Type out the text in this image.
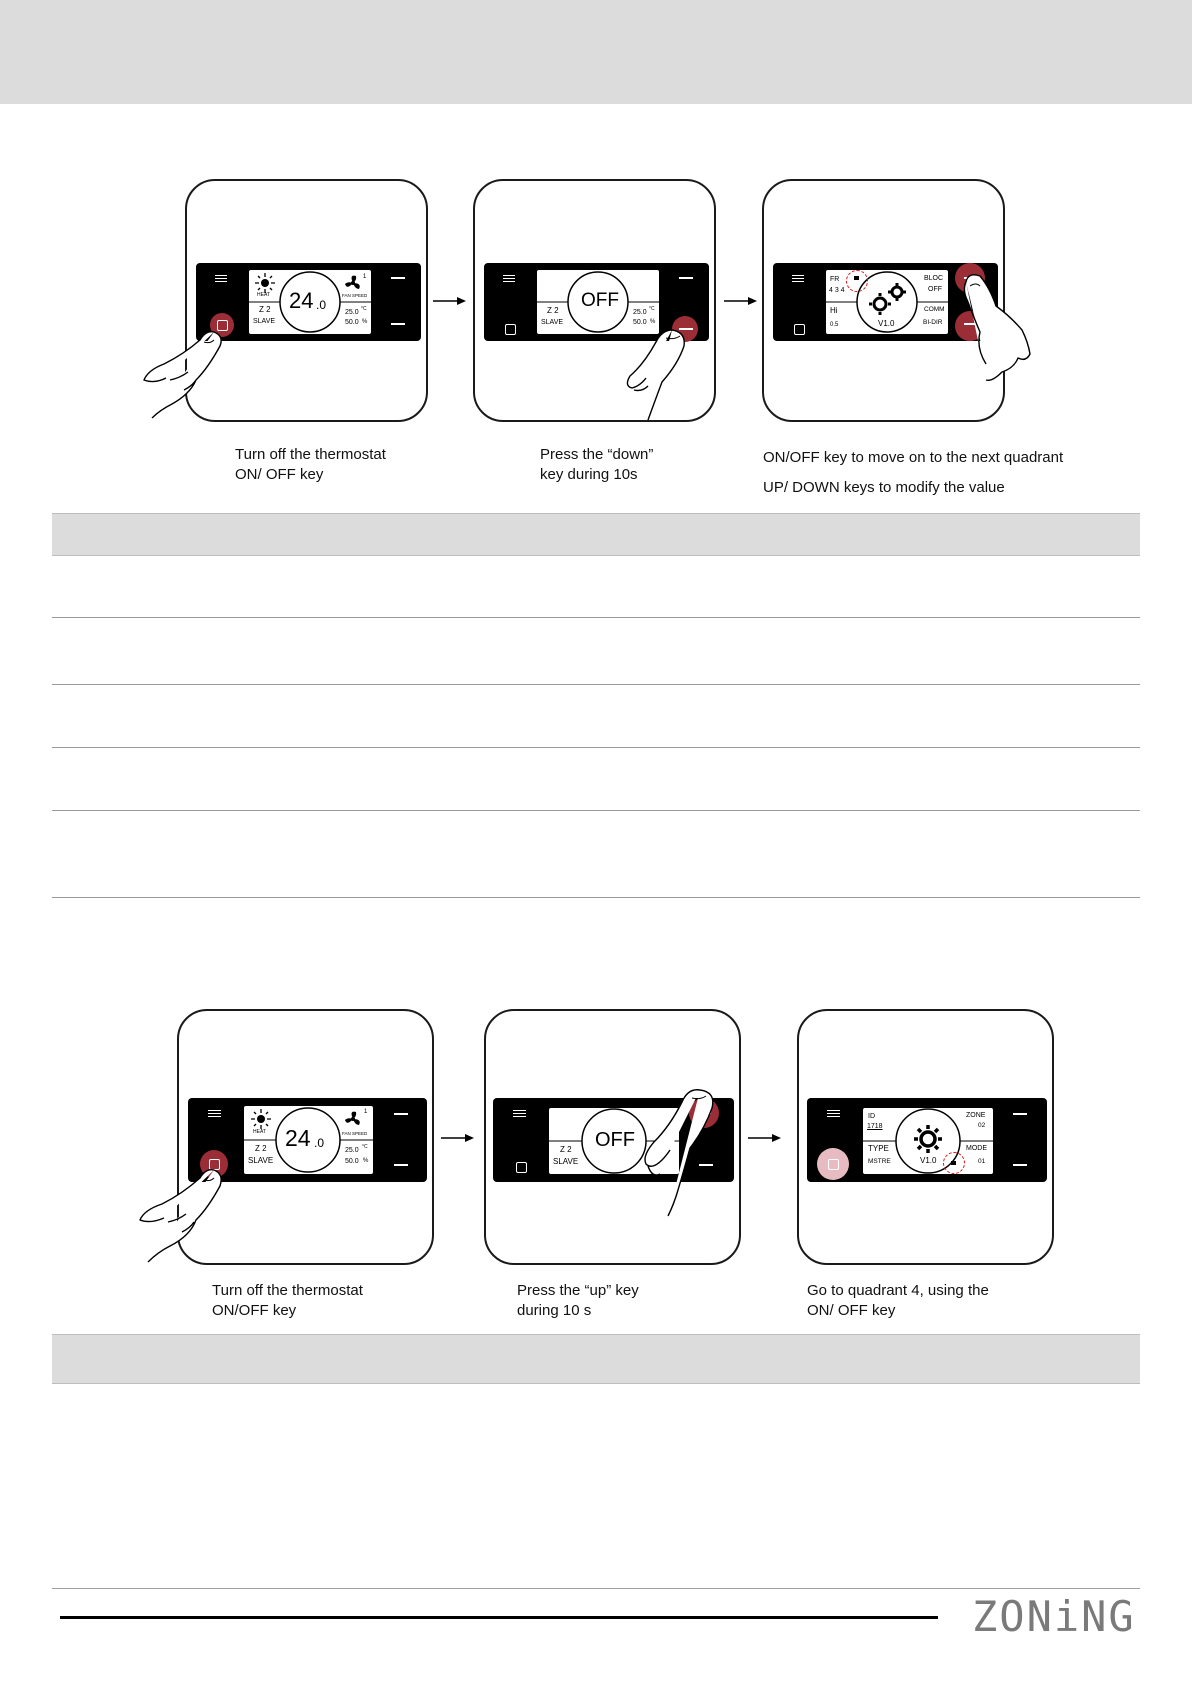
HEAT
1
FAN SPEED
24 .0
Z 2
SLAVE
25.0 °C
50.0 %
OFF
Z 2
SLAVE
25.0 °C
50.0 %
FR
4 3 4
BLOC
OFF
Hi
0.5
COMM
BI-DIR
V1.0
Turn off the thermostat
ON/ OFF key
Press the “down”
key during 10s
ON/OFF key to move on to the next quadrant
UP/ DOWN keys to modify the value
HEAT
1
FAN SPEED
24 .0
Z 2
SLAVE
25.0 °C
50.0 %
OFF
Z 2
SLAVE
ID
1718
ZONE
02
TYPE
MSTRE
MODE
01
V1.0
Turn off the thermostat
ON/OFF key
Press the “up” key
during 10 s
Go to quadrant 4, using the
ON/ OFF key
ZONiNG
